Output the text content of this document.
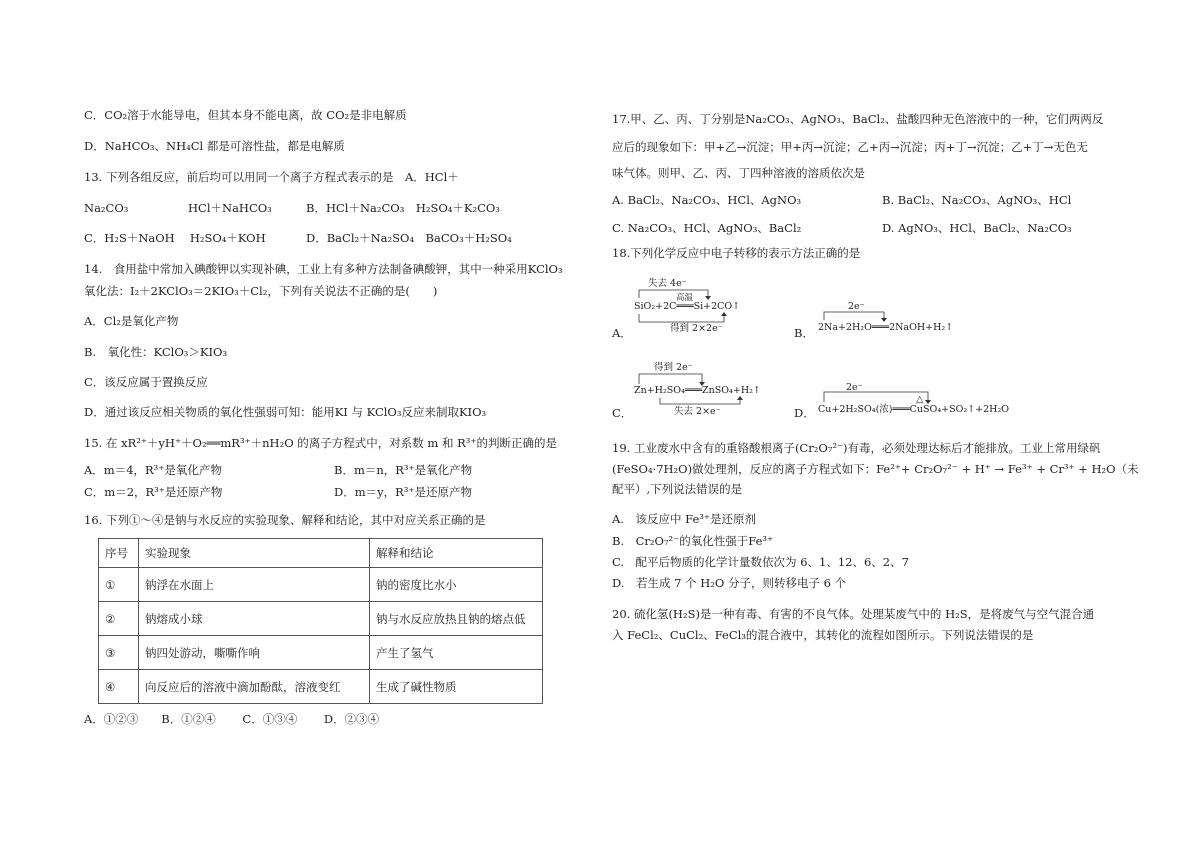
C．CO₂溶于水能导电，但其本身不能电离，故 CO₂是非电解质
D．NaHCO₃、NH₄Cl 都是可溶性盐，都是电解质
13. 下列各组反应，前后均可以用同一个离子方程式表示的是　A．HCl＋
Na₂CO₃	HCl＋NaHCO₃	B．HCl＋Na₂CO₃　H₂SO₄＋K₂CO₃
C．H₂S＋NaOH　 H₂SO₄＋KOH	D．BaCl₂＋Na₂SO₄　BaCO₃＋H₂SO₄
14.　食用盐中常加入碘酸钾以实现补碘，工业上有多种方法制备碘酸钾，其中一种采用KClO₃
氧化法：I₂＋2KClO₃＝2KIO₃＋Cl₂，下列有关说法不正确的是(　　)
A．Cl₂是氧化产物
B.　氧化性：KClO₃＞KIO₃
C．该反应属于置换反应
D．通过该反应相关物质的氧化性强弱可知：能用KI 与 KClO₃反应来制取KIO₃
15. 在 xR²⁺＋yH⁺＋O₂══mR³⁺＋nH₂O 的离子方程式中，对系数 m 和 R³⁺的判断正确的是
A．m＝4，R³⁺是氧化产物	B．m＝n，R³⁺是氧化产物
C．m＝2，R³⁺是还原产物	D．m＝y，R³⁺是还原产物
16. 下列①～④是钠与水反应的实验现象、解释和结论，其中对应关系正确的是
序号	实验现象	解释和结论
①	钠浮在水面上	钠的密度比水小
②	钠熔成小球	钠与水反应放热且钠的熔点低
③	钠四处游动，嘶嘶作响	产生了氢气
④	向反应后的溶液中滴加酚酞，溶液变红	生成了碱性物质
A．①②③　　B．①②④　　 C．①③④　　 D．②③④
17.甲、乙、丙、丁分别是Na₂CO₃、AgNO₃、BaCl₂、盐酸四种无色溶液中的一种，它们两两反
应后的现象如下：甲+乙→沉淀；甲+丙→沉淀；乙+丙→沉淀；丙+丁→沉淀；乙+丁→无色无
味气体。则甲、乙、丙、丁四种溶液的溶质依次是
A. BaCl₂、Na₂CO₃、HCl、AgNO₃	B. BaCl₂、Na₂CO₃、AgNO₃、HCl
C. Na₂CO₃、HCl、AgNO₃、BaCl₂	D. AgNO₃、HCl、BaCl₂、Na₂CO₃
18.下列化学反应中电子转移的表示方法正确的是
A．
失去 4e⁻
高温
SiO₂+2C═══Si+2CO↑
得到 2×2e⁻	B．
2e⁻
2Na+2H₂O═══2NaOH+H₂↑
C．
得到 2e⁻
Zn+H₂SO₄═══ZnSO₄+H₂↑
失去 2×e⁻	D．
2e⁻
△
Cu+2H₂SO₄(浓)═══CuSO₄+SO₂↑+2H₂O
19. 工业废水中含有的重铬酸根离子(Cr₂O₇²⁻)有毒，必须处理达标后才能排放。工业上常用绿矾
(FeSO₄·7H₂O)做处理剂，反应的离子方程式如下：Fe²⁺+ Cr₂O₇²⁻ + H⁺ → Fe³⁺ + Cr³⁺ + H₂O（未
配平）,下列说法错误的是
A.　该反应中 Fe³⁺是还原剂
B.　Cr₂O₇²⁻的氧化性强于Fe³⁺
C.　配平后物质的化学计量数依次为 6、1、12、6、2、7
D.　若生成 7 个 H₂O 分子，则转移电子 6 个
20. 硫化氢(H₂S)是一种有毒、有害的不良气体。处理某废气中的 H₂S，是将废气与空气混合通
入 FeCl₂、CuCl₂、FeCl₃的混合液中，其转化的流程如图所示。下列说法错误的是
